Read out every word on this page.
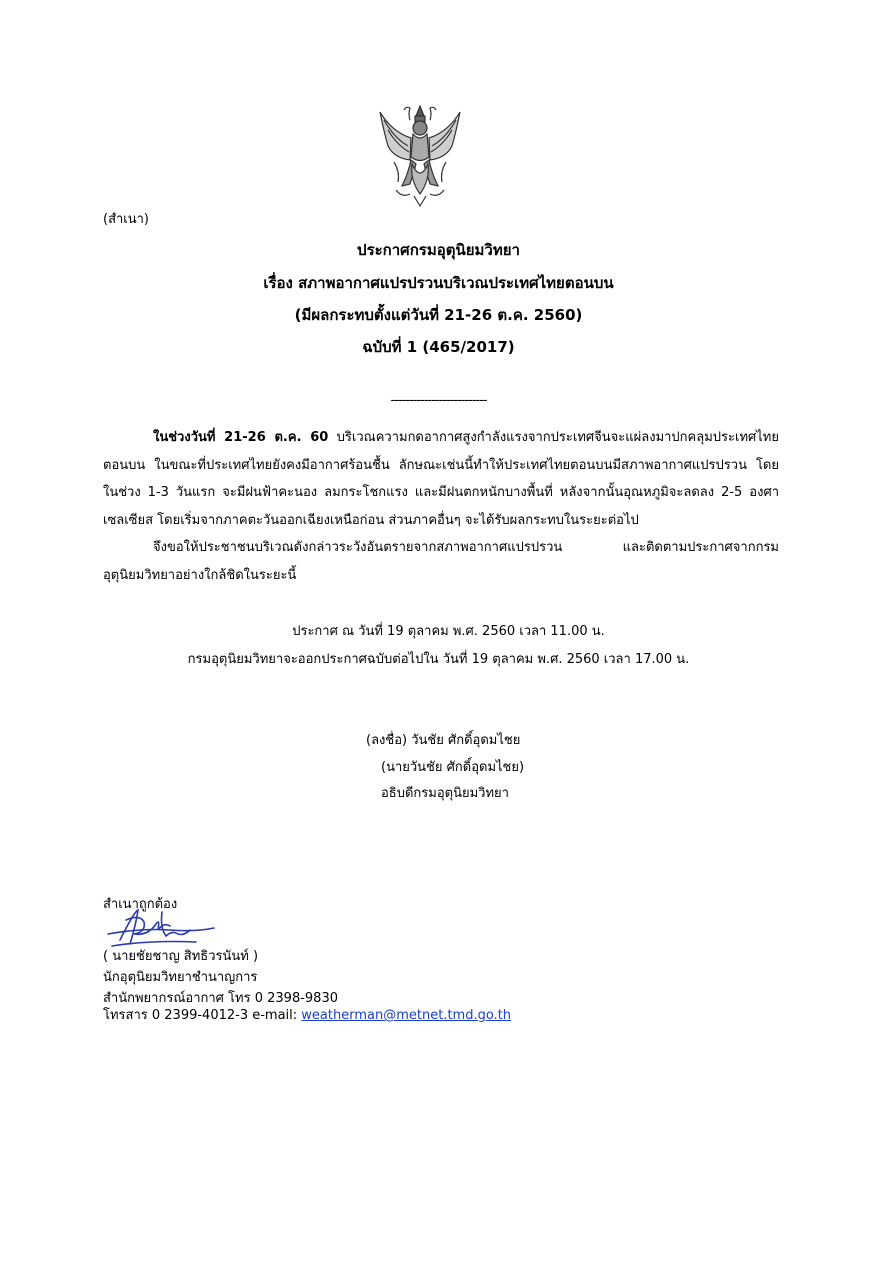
(สำเนา)
ประกาศกรมอุตุนิยมวิทยา
เรื่อง สภาพอากาศแปรปรวนบริเวณประเทศไทยตอนบน
(มีผลกระทบตั้งแต่วันที่ 21-26 ต.ค. 2560)
ฉบับที่ 1 (465/2017)
--------------------------

ในช่วงวันที่ 21-26 ต.ค. 60 บริเวณความกดอากาศสูงกำลังแรงจากประเทศจีนจะแผ่ลงมาปกคลุมประเทศไทยตอนบน ในขณะที่ประเทศไทยยังคงมีอากาศร้อนชื้น ลักษณะเช่นนี้ทำให้ประเทศไทยตอนบนมีสภาพอากาศแปรปรวน โดยในช่วง 1-3 วันแรก จะมีฝนฟ้าคะนอง ลมกระโชกแรง และมีฝนตกหนักบางพื้นที่ หลังจากนั้นอุณหภูมิจะลดลง 2-5 องศาเซลเซียส โดยเริ่มจากภาคตะวันออกเฉียงเหนือก่อน ส่วนภาคอื่นๆ จะได้รับผลกระทบในระยะต่อไป

จึงขอให้ประชาชนบริเวณดังกล่าวระวังอันตรายจากสภาพอากาศแปรปรวน และติดตามประกาศจากกรมอุตุนิยมวิทยาอย่างใกล้ชิดในระยะนี้

ประกาศ ณ วันที่ 19 ตุลาคม พ.ศ. 2560 เวลา 11.00 น.
กรมอุตุนิยมวิทยาจะออกประกาศฉบับต่อไปใน วันที่ 19 ตุลาคม พ.ศ. 2560 เวลา 17.00 น.
(ลงชื่อ) วันชัย ศักดิ์อุดมไชย
(นายวันชัย ศักดิ์อุดมไชย)
อธิบดีกรมอุตุนิยมวิทยา
สำเนาถูกต้อง
( นายชัยชาญ สิทธิวรนันท์ )
นักอุตุนิยมวิทยาชำนาญการ
สำนักพยากรณ์อากาศ โทร 0 2398-9830
โทรสาร 0 2399-4012-3 e-mail: weatherman@metnet.tmd.go.th
